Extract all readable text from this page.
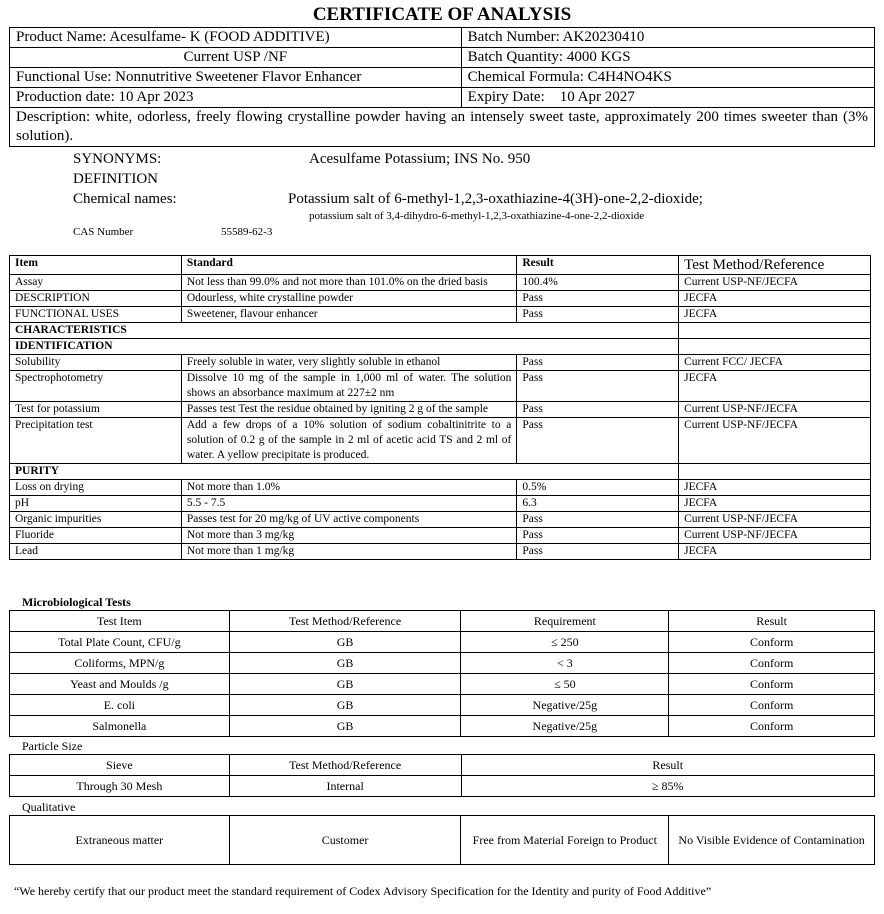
CERTIFICATE OF ANALYSIS
Product Name: Acesulfame- K (FOOD ADDITIVE)	Batch Number: AK20230410
Current USP /NF	Batch Quantity: 4000 KGS
Functional Use: Nonnutritive Sweetener Flavor Enhancer	Chemical Formula: C4H4NO4KS
Production date: 10 Apr 2023	Expiry Date:    10 Apr 2027
Description: white, odorless, freely flowing crystalline powder having an intensely sweet taste, approximately 200 times sweeter than (3% solution).	
SYNONYMS:	Acesulfame Potassium; INS No. 950
DEFINITION
Chemical names:	Potassium salt of 6-methyl-1,2,3-oxathiazine-4(3H)-one-2,2-dioxide;
potassium salt of 3,4-dihydro-6-methyl-1,2,3-oxathiazine-4-one-2,2-dioxide
CAS Number	55589-62-3
Item	Standard	Result	Test Method/Reference
Assay	Not less than 99.0% and not more than 101.0% on the dried basis	100.4%	Current USP-NF/JECFA
DESCRIPTION	Odourless, white crystalline powder	Pass	JECFA
FUNCTIONAL USES	Sweetener, flavour enhancer	Pass	JECFA
CHARACTERISTICS			
IDENTIFICATION			
Solubility	Freely soluble in water, very slightly soluble in ethanol	Pass	Current FCC/ JECFA
Spectrophotometry	Dissolve 10 mg of the sample in 1,000 ml of water. The solution shows an absorbance maximum at 227±2 nm	Pass	JECFA
Test for potassium	Passes test Test the residue obtained by igniting 2 g of the sample	Pass	Current USP-NF/JECFA
Precipitation test	Add a few drops of a 10% solution of sodium cobaltinitrite to a solution of 0.2 g of the sample in 2 ml of acetic acid TS and 2 ml of water. A yellow precipitate is produced.	Pass	Current USP-NF/JECFA
PURITY			
Loss on drying	Not more than 1.0%	0.5%	JECFA
pH	5.5 - 7.5	6.3	JECFA
Organic impurities	Passes test for 20 mg/kg of UV active components	Pass	Current USP-NF/JECFA
Fluoride	Not more than 3 mg/kg	Pass	Current USP-NF/JECFA
Lead	Not more than 1 mg/kg	Pass	JECFA
Microbiological Tests
Test Item	Test Method/Reference	Requirement	Result
Total Plate Count, CFU/g	GB	≤ 250	Conform
Coliforms, MPN/g	GB	< 3	Conform
Yeast and Moulds /g	GB	≤ 50	Conform
E. coli	GB	Negative/25g	Conform
Salmonella	GB	Negative/25g	Conform
Particle Size
Sieve	Test Method/Reference	Result
Through 30 Mesh	Internal	≥ 85%
Qualitative
Extraneous matter	Customer	Free from Material Foreign to Product	No Visible Evidence of Contamination
“We hereby certify that our product meet the standard requirement of Codex Advisory Specification for the Identity and purity of Food Additive”
